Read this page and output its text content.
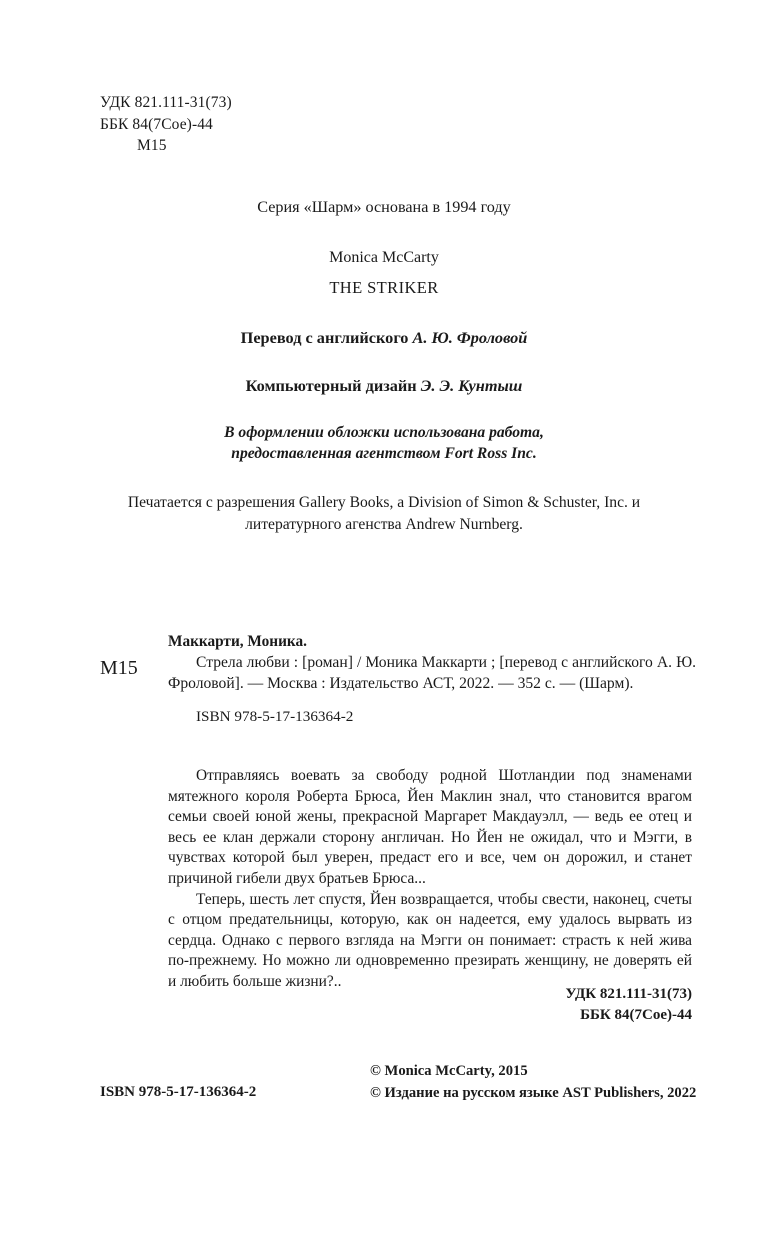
УДК 821.111-31(73)
ББК 84(7Сое)-44
М15
Серия «Шарм» основана в 1994 году
Monica McCarty
THE STRIKER
Перевод с английского А. Ю. Фроловой
Компьютерный дизайн Э. Э. Кунтыш
В оформлении обложки использована работа,
предоставленная агентством Fort Ross Inc.
Печатается с разрешения Gallery Books, a Division of Simon & Schuster, Inc. и литературного агенства Andrew Nurnberg.
М15
Маккарти, Моника.
Стрела любви : [роман] / Моника Маккарти ; [перевод с английского А. Ю. Фроловой]. — Москва : Издательство АСТ, 2022. — 352 с. — (Шарм).
ISBN 978-5-17-136364-2

Отправляясь воевать за свободу родной Шотландии под знаменами мятежного короля Роберта Брюса, Йен Маклин знал, что становится врагом семьи своей юной жены, прекрасной Маргарет Макдауэлл, — ведь ее отец и весь ее клан держали сторону англичан. Но Йен не ожидал, что и Мэгги, в чувствах которой был уверен, предаст его и все, чем он дорожил, и станет причиной гибели двух братьев Брюса...

Теперь, шесть лет спустя, Йен возвращается, чтобы свести, наконец, счеты с отцом предательницы, которую, как он надеется, ему удалось вырвать из сердца. Однако с первого взгляда на Мэгги он понимает: страсть к ней жива по-прежнему. Но можно ли одновременно презирать женщину, не доверять ей и любить больше жизни?..

УДК 821.111-31(73)
ББК 84(7Сое)-44
ISBN 978-5-17-136364-2
© Monica McCarty, 2015
© Издание на русском языке AST Publishers, 2022
